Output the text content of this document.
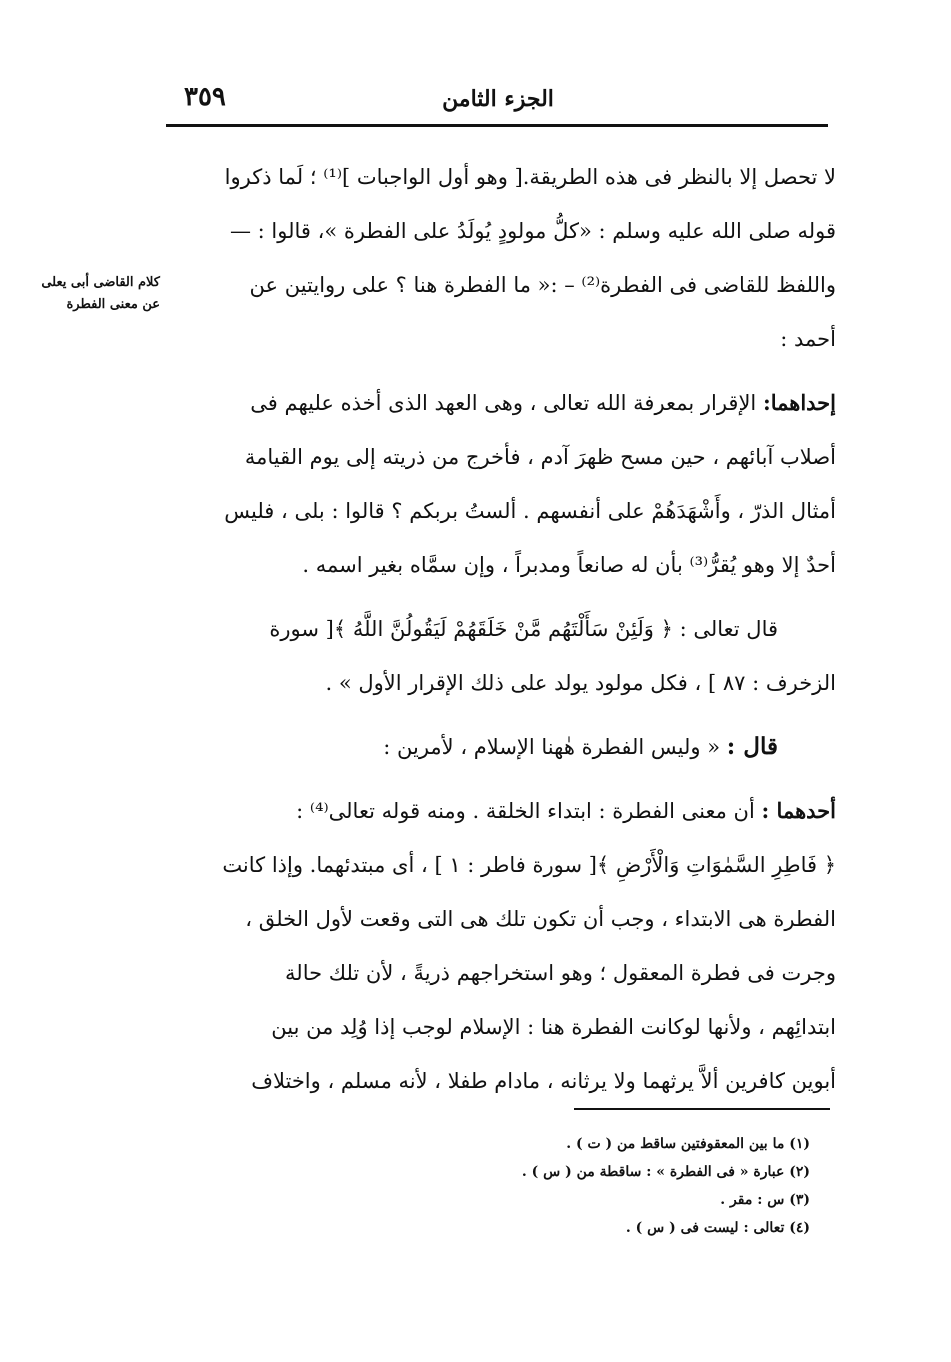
الجزء الثامن
٣٥٩
كلام القاضى أبى يعلى عن معنى الفطرة
لا تحصل إلا بالنظر فى هذه الطريقة.[ وهو أول الواجبات ]⁽¹⁾ ؛ لَما ذكروا
قوله صلى الله عليه وسلم : «كلُّ مولودٍ يُولَدُ على الفطرة »، قالوا : —
واللفظ للقاضى فى الفطرة⁽²⁾ – :« ما الفطرة هنا ؟ على روايتين عن
أحمد :
إحداهما: الإقرار بمعرفة الله تعالى ، وهى العهد الذى أخذه عليهم فى
أصلاب آبائهم ، حين مسح ظهرَ آدم ، فأخرج من ذريته إلى يوم القيامة
أمثال الذرّ ، وأَشْهَدَهُمْ على أنفسهم . ألستُ بربكم ؟ قالوا : بلى ، فليس
أحدٌ إلا وهو يُقرُّ⁽³⁾ بأن له صانعاً ومدبراً ، وإن سمَّاه بغير اسمه .
قال تعالى : ﴿ وَلَئِنْ سَأَلْتَهُم مَّنْ خَلَقَهُمْ لَيَقُولُنَّ اللَّهُ ﴾[ سورة
الزخرف : ٨٧ ] ، فكل مولود يولد على ذلك الإقرار الأول » .
قال : « وليس الفطرة هٰهنا الإسلام ، لأمرين :
أحدهما : أن معنى الفطرة : ابتداء الخلقة . ومنه قوله تعالى⁽⁴⁾ :
﴿ فَاطِرِ السَّمٰوَاتِ وَالْأَرْضِ ﴾[ سورة فاطر : ١ ] ، أى مبتدئهما. وإذا كانت
الفطرة هى الابتداء ، وجب أن تكون تلك هى التى وقعت لأول الخلق ،
وجرت فى فطرة المعقول ؛ وهو استخراجهم ذريةً ، لأن تلك حالة
ابتدائِهم ، ولأنها لوكانت الفطرة هنا : الإسلام لوجب إذا وُلِد من بين
أبوين كافرين ألاَّ يرثهما ولا يرثانه ، مادام طفلا ، لأنه مسلم ، واختلاف

(١) ما بين المعقوفتين ساقط من ( ت ) .

(٢) عبارة « فى الفطرة » : ساقطة من ( س ) .

(٣) س : مقر .

(٤) تعالى : ليست فى ( س ) .
